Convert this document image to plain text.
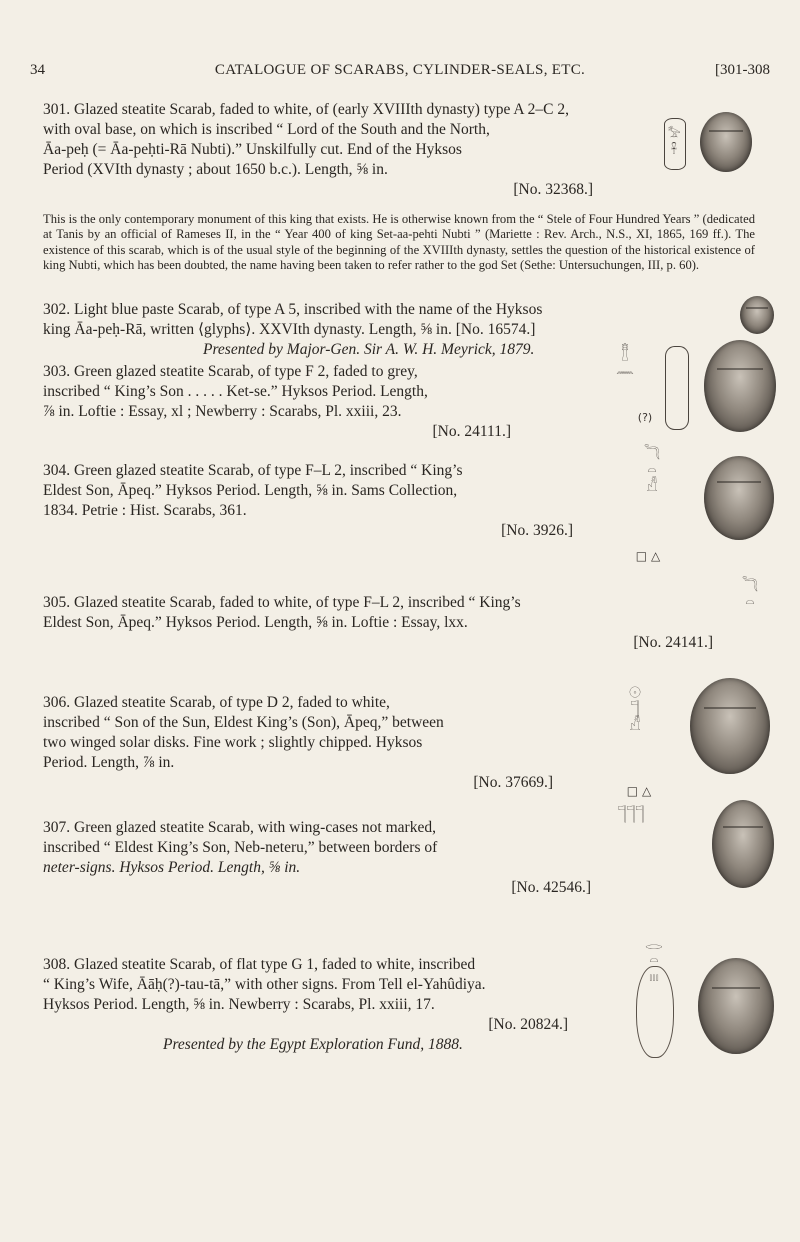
34	CATALOGUE OF SCARABS, CYLINDER-SEALS, ETC.	[301-308

301. Glazed steatite Scarab, faded to white, of (early XVIIIth dynasty) type A 2–C 2,

with oval base, on which is inscribed “ Lord of the South and the North,

Āa-peḥ (= Āa-peḥti-Rā Nubti).” Unskilfully cut. End of the Hyksos

Period (XVIth dynasty ; about 1650 b.c.). Length, ⅝ in.

[No. 32368.]

𓅡
𓋹
This is the only contemporary monument of this king that exists. He is otherwise known from the “ Stele of Four Hundred Years ” (dedicated at Tanis by an official of Rameses II, in the “ Year 400 of king Set-aa-pehti Nubti ” (Mariette : Rev. Arch., N.S., XI, 1865, 169 ff.). The existence of this scarab, which is of the usual style of the beginning of the XVIIIth dynasty, settles the question of the historical existence of king Nubti, which has been doubted, the name having been taken to refer rather to the god Set (Sethe: Untersuchungen, III, p. 60).

302. Light blue paste Scarab, of type A 5, inscribed with the name of the Hyksos

king Āa-peḥ-Rā, written ⟨glyphs⟩. XXVIth dynasty. Length, ⅝ in. [No. 16574.]

Presented by Major-Gen. Sir A. W. H. Meyrick, 1879.

303. Green glazed steatite Scarab, of type F 2, faded to grey,

inscribed “ King’s Son . . . . . Ket-se.” Hyksos Period. Length,

⅞ in. Loftie : Essay, xl ; Newberry : Scarabs, Pl. xxiii, 23.

[No. 24111.]

𓊽
𓈖
(?)

304. Green glazed steatite Scarab, of type F–L 2, inscribed “ King’s

Eldest Son, Āpeq.” Hyksos Period. Length, ⅝ in. Sams Collection,

1834. Petrie : Hist. Scarabs, 361.

[No. 3926.]

𓆓
𓏏
𓀭
□ △

305. Glazed steatite Scarab, faded to white, of type F–L 2, inscribed “ King’s

Eldest Son, Āpeq.” Hyksos Period. Length, ⅝ in. Loftie : Essay, lxx.

[No. 24141.]

𓆓
𓏏

306. Glazed steatite Scarab, of type D 2, faded to white,

inscribed “ Son of the Sun, Eldest King’s (Son), Āpeq,” between

two winged solar disks. Fine work ; slightly chipped. Hyksos

Period. Length, ⅞ in.

[No. 37669.]

𓇳
𓊹
𓀭
□ △

307. Green glazed steatite Scarab, with wing-cases not marked,

inscribed “ Eldest King’s Son, Neb-neteru,” between borders of

neter-signs. Hyksos Period. Length, ⅝ in.

[No. 42546.]

𓊹𓊹𓊹

308. Glazed steatite Scarab, of flat type G 1, faded to white, inscribed

“ King’s Wife, Āāḥ(?)-tau-tā,” with other signs. From Tell el-Yahûdiya.

Hyksos Period. Length, ⅝ in. Newberry : Scarabs, Pl. xxiii, 17.

[No. 20824.]

Presented by the Egypt Exploration Fund, 1888.

𓂋
𓏏
𓏤𓏤𓏤
